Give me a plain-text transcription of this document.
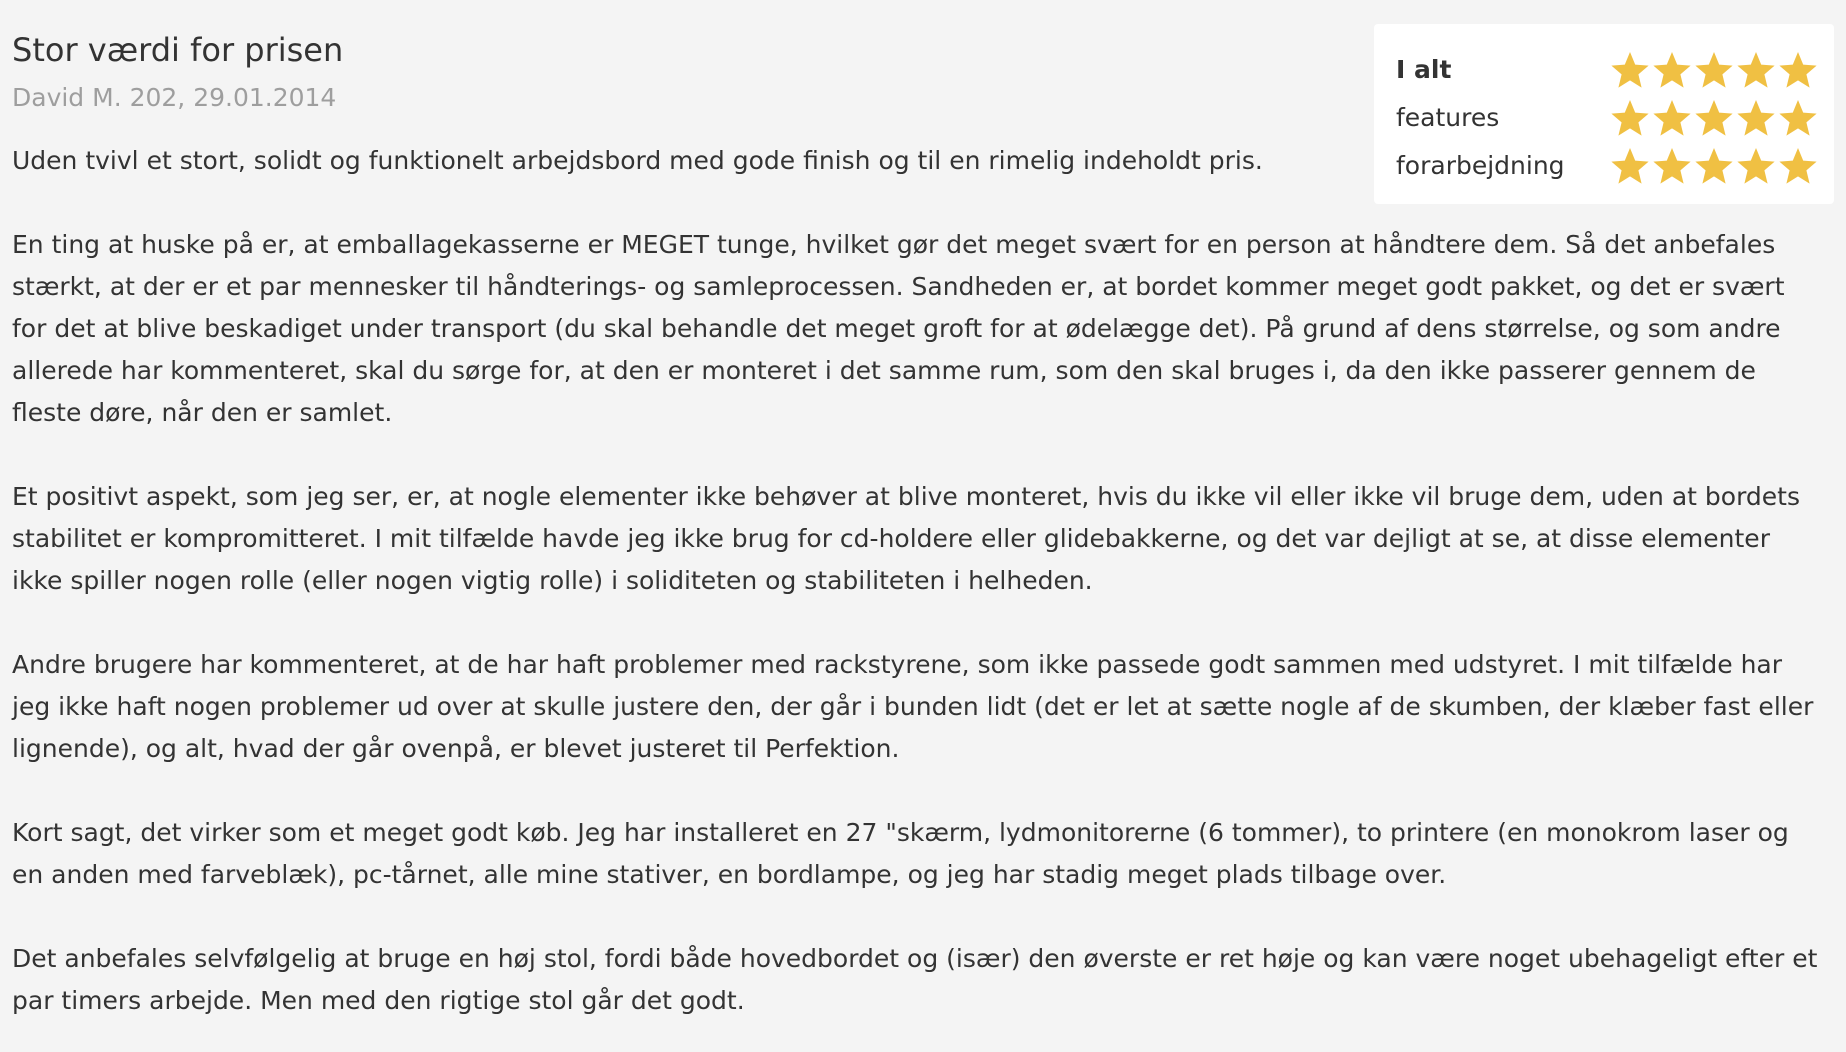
Stor værdi for prisen
David M. 202, 29.01.2014

Uden tvivl et stort, solidt og funktionelt arbejdsbord med gode finish og til en rimelig indeholdt pris.

En ting at huske på er, at emballagekasserne er MEGET tunge, hvilket gør det meget svært for en person at håndtere dem. Så det anbefales stærkt, at der er et par mennesker til håndterings- og samleprocessen. Sandheden er, at bordet kommer meget godt pakket, og det er svært for det at blive beskadiget under transport (du skal behandle det meget groft for at ødelægge det). På grund af dens størrelse, og som andre allerede har kommenteret, skal du sørge for, at den er monteret i det samme rum, som den skal bruges i, da den ikke passerer gennem de fleste døre, når den er samlet.

Et positivt aspekt, som jeg ser, er, at nogle elementer ikke behøver at blive monteret, hvis du ikke vil eller ikke vil bruge dem, uden at bordets stabilitet er kompromitteret. I mit tilfælde havde jeg ikke brug for cd-holdere eller glidebakkerne, og det var dejligt at se, at disse elementer ikke spiller nogen rolle (eller nogen vigtig rolle) i soliditeten og stabiliteten i helheden.

Andre brugere har kommenteret, at de har haft problemer med rackstyrene, som ikke passede godt sammen med udstyret. I mit tilfælde har jeg ikke haft nogen problemer ud over at skulle justere den, der går i bunden lidt (det er let at sætte nogle af de skumben, der klæber fast eller lignende), og alt, hvad der går ovenpå, er blevet justeret til Perfektion.

Kort sagt, det virker som et meget godt køb. Jeg har installeret en 27 "skærm, lydmonitorerne (6 tommer), to printere (en monokrom laser og en anden med farveblæk), pc-tårnet, alle mine stativer, en bordlampe, og jeg har stadig meget plads tilbage over.

Det anbefales selvfølgelig at bruge en høj stol, fordi både hovedbordet og (især) den øverste er ret høje og kan være noget ubehageligt efter et par timers arbejde. Men med den rigtige stol går det godt.

I alt
features
forarbejdning
